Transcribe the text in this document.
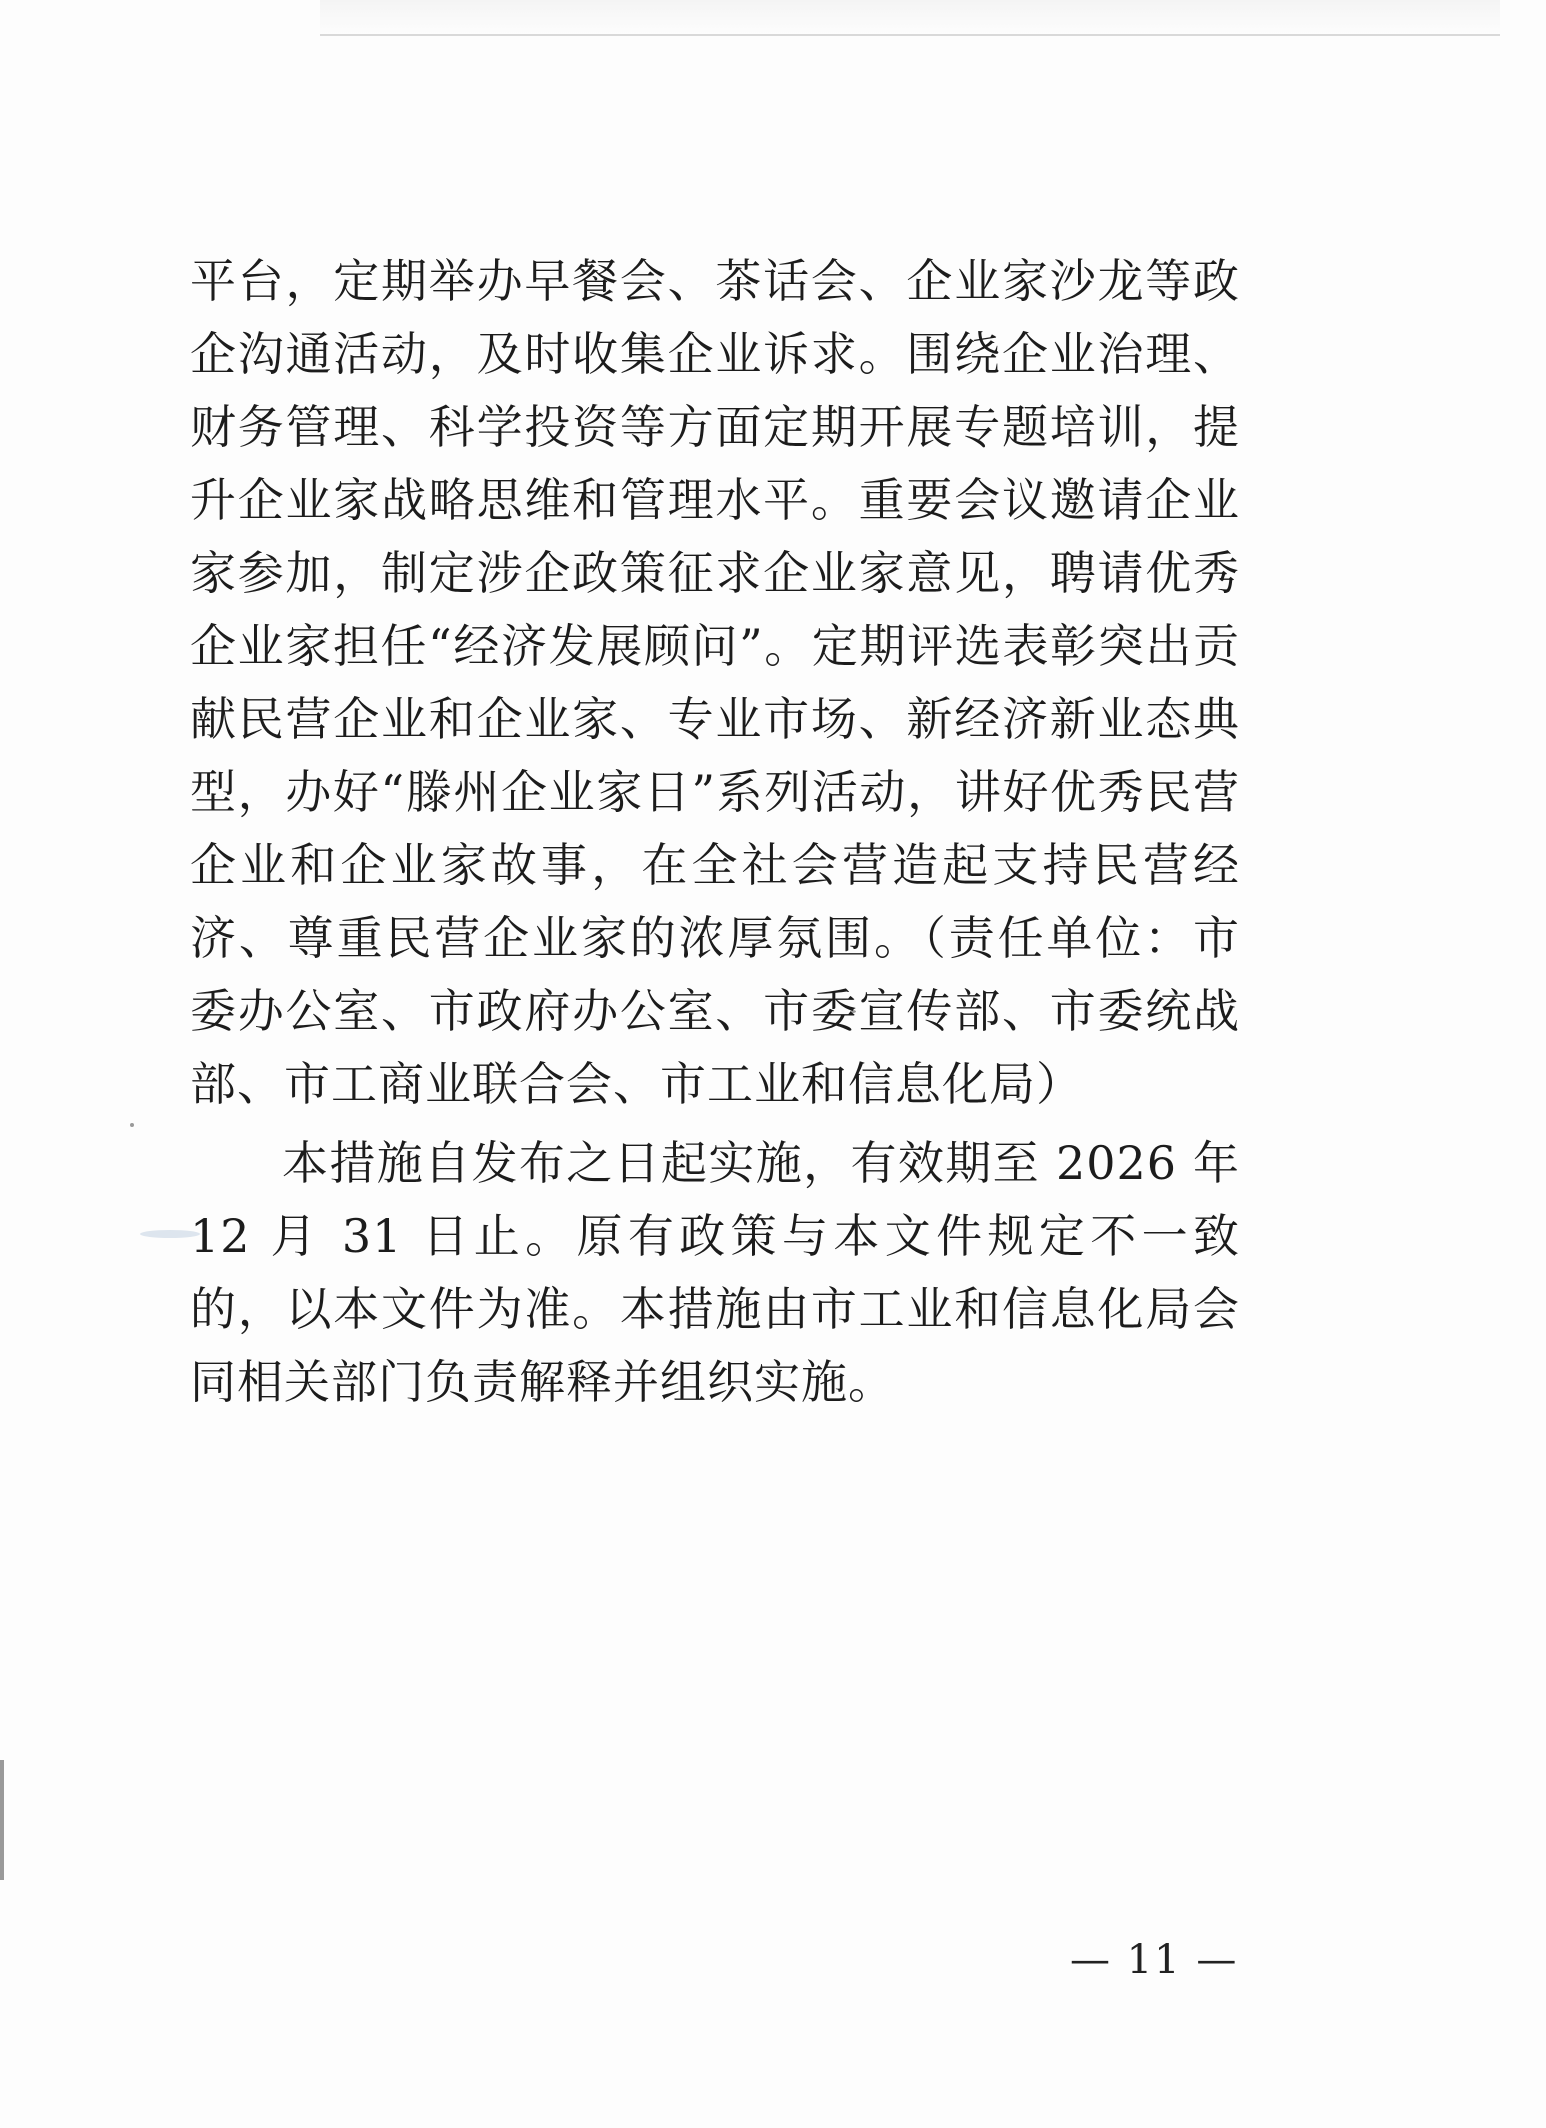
平台，定期举办早餐会、茶话会、企业家沙龙等政企沟通活动，及时收集企业诉求。围绕企业治理、财务管理、科学投资等方面定期开展专题培训，提升企业家战略思维和管理水平。重要会议邀请企业家参加，制定涉企政策征求企业家意见，聘请优秀企业家担任“经济发展顾问”。定期评选表彰突出贡献民营企业和企业家、专业市场、新经济新业态典型，办好“滕州企业家日”系列活动，讲好优秀民营企业和企业家故事，在全社会营造起支持民营经济、尊重民营企业家的浓厚氛围。（责任单位：市委办公室、市政府办公室、市委宣传部、市委统战部、市工商业联合会、市工业和信息化局）

本措施自发布之日起实施，有效期至 2026 年 12 月 31 日止。原有政策与本文件规定不一致的，以本文件为准。本措施由市工业和信息化局会同相关部门负责解释并组织实施。

— 11 —
